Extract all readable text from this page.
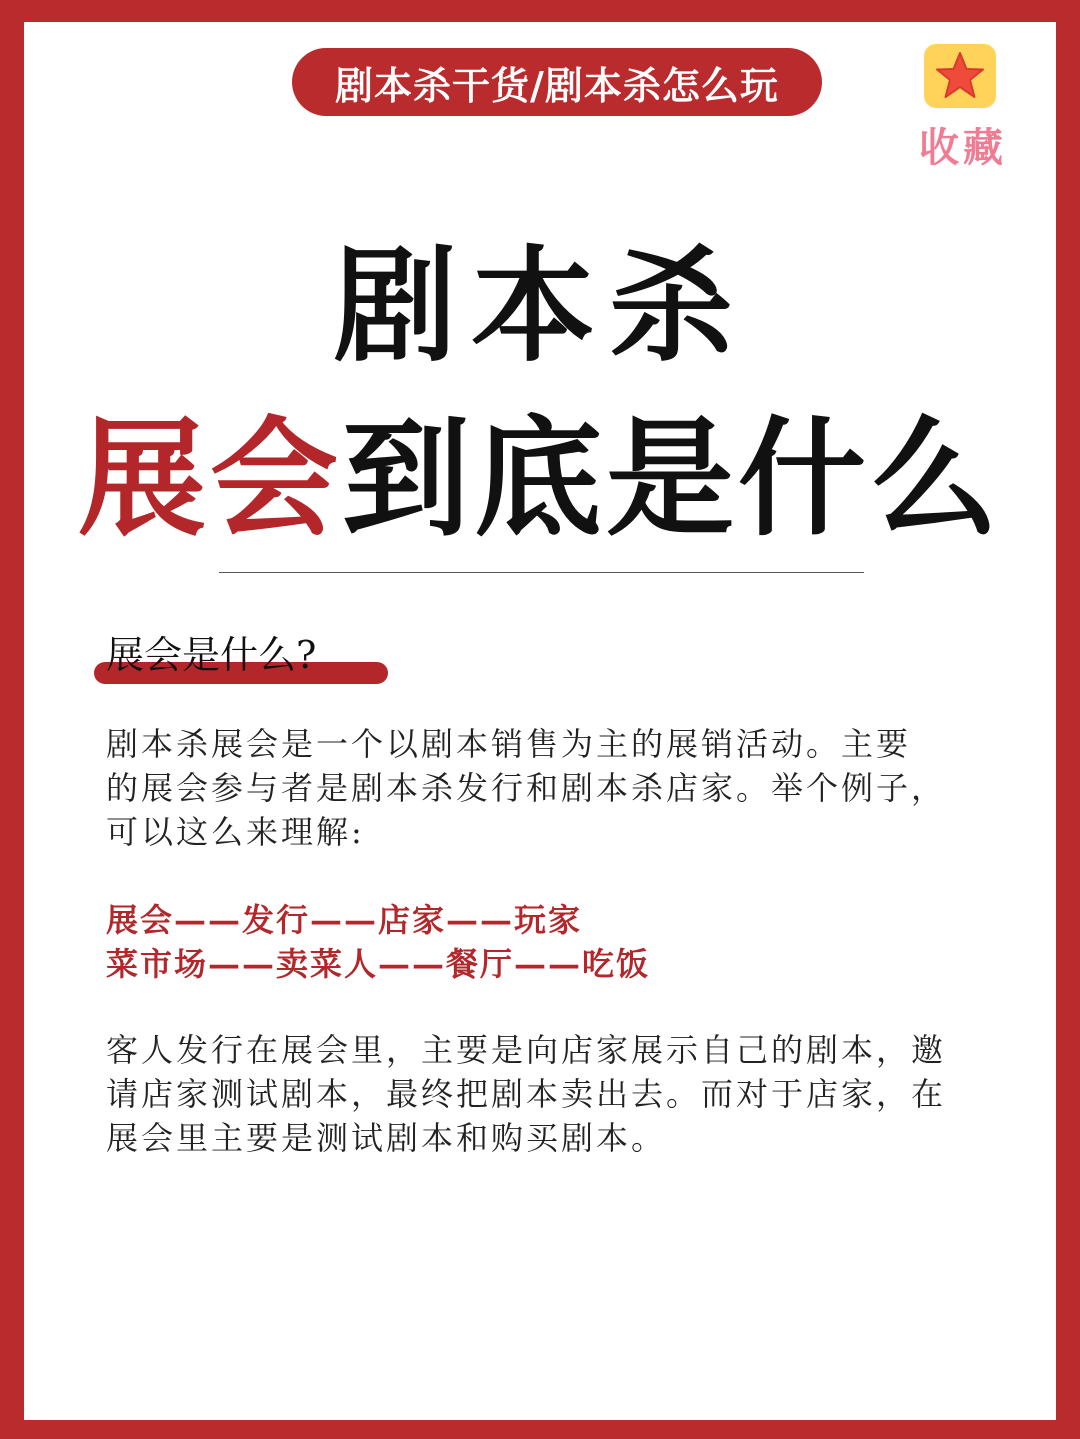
剧本杀干货/剧本杀怎么玩
收藏
剧本杀
展会到底是什么
展会是什么?
剧本杀展会是一个以剧本销售为主的展销活动。主要
的展会参与者是剧本杀发行和剧本杀店家。举个例子，
可以这么来理解:
展会——发行——店家——玩家
菜市场——卖菜人——餐厅——吃饭
客人发行在展会里，主要是向店家展示自己的剧本，邀
请店家测试剧本，最终把剧本卖出去。而对于店家，在
展会里主要是测试剧本和购买剧本。
